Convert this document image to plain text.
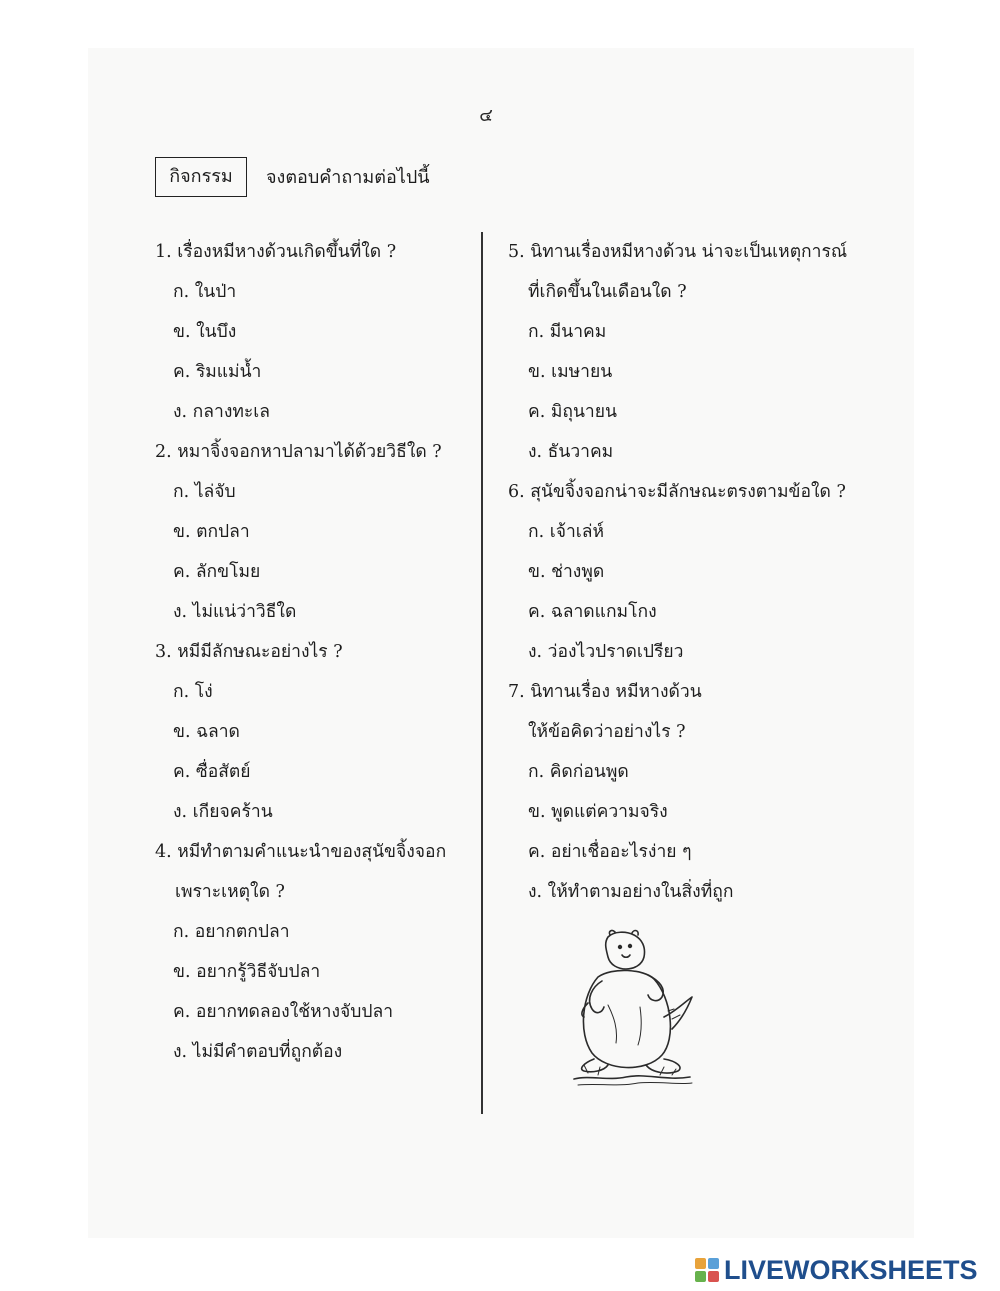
๔
กิจกรรม	จงตอบคำถามต่อไปนี้
1. เรื่องหมีหางด้วนเกิดขึ้นที่ใด ?
ก. ในป่า
ข. ในบึง
ค. ริมแม่น้ำ
ง. กลางทะเล
2. หมาจิ้งจอกหาปลามาได้ด้วยวิธีใด ?
ก. ไล่จับ
ข. ตกปลา
ค. ลักขโมย
ง. ไม่แน่ว่าวิธีใด
3. หมีมีลักษณะอย่างไร ?
ก. โง่
ข. ฉลาด
ค. ซื่อสัตย์
ง. เกียจคร้าน
4. หมีทำตามคำแนะนำของสุนัขจิ้งจอก
เพราะเหตุใด ?
ก. อยากตกปลา
ข. อยากรู้วิธีจับปลา
ค. อยากทดลองใช้หางจับปลา
ง. ไม่มีคำตอบที่ถูกต้อง
5. นิทานเรื่องหมีหางด้วน น่าจะเป็นเหตุการณ์
ที่เกิดขึ้นในเดือนใด ?
ก. มีนาคม
ข. เมษายน
ค. มิถุนายน
ง. ธันวาคม
6. สุนัขจิ้งจอกน่าจะมีลักษณะตรงตามข้อใด ?
ก. เจ้าเล่ห์
ข. ช่างพูด
ค. ฉลาดแกมโกง
ง. ว่องไวปราดเปรียว
7. นิทานเรื่อง หมีหางด้วน
ให้ข้อคิดว่าอย่างไร ?
ก. คิดก่อนพูด
ข. พูดแต่ความจริง
ค. อย่าเชื่ออะไรง่าย ๆ
ง. ให้ทำตามอย่างในสิ่งที่ถูก
LIVEWORKSHEETS
